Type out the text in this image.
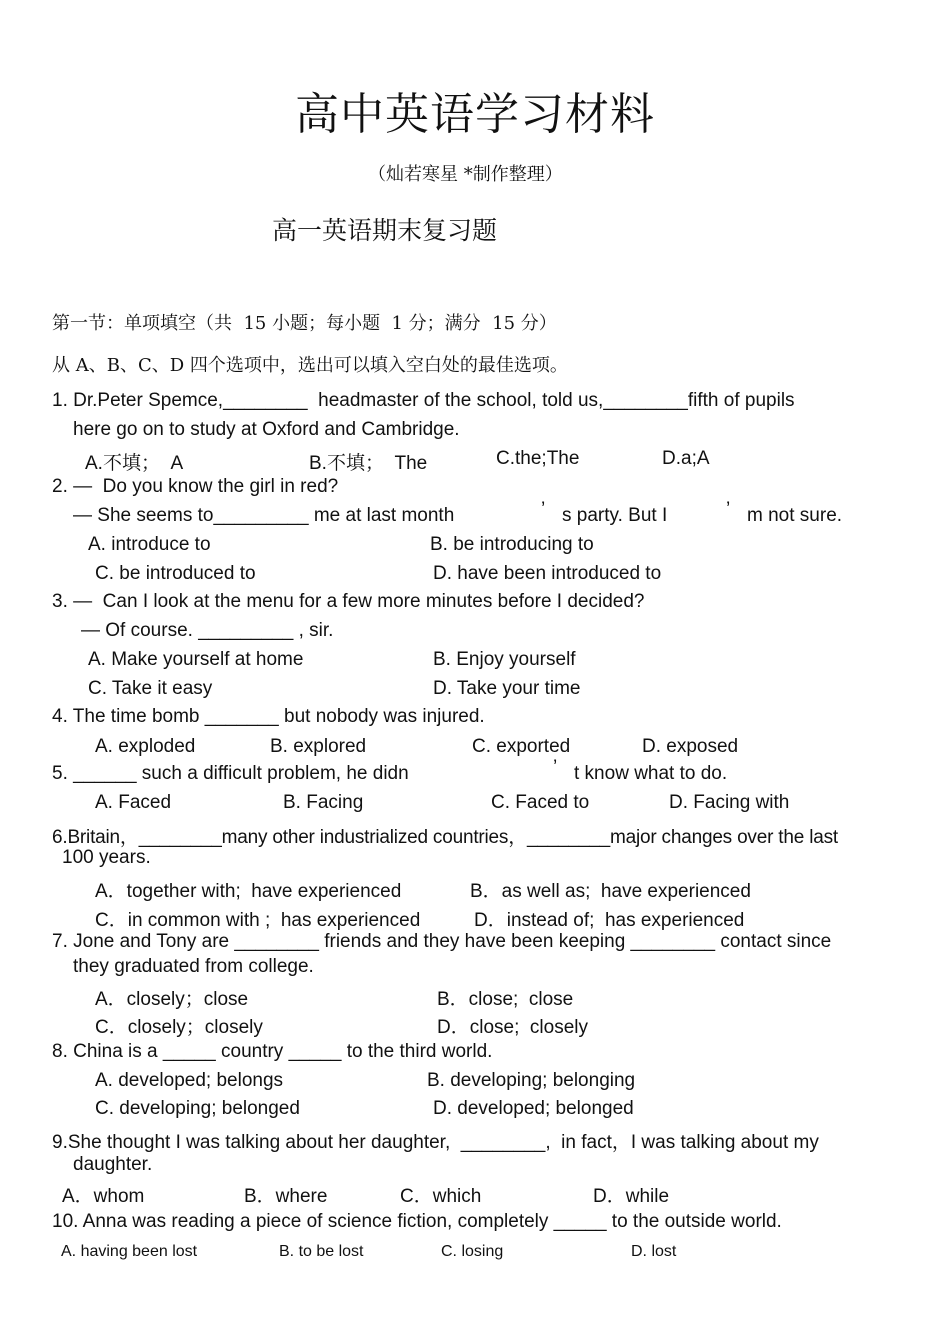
高中英语学习材料
（灿若寒星 *制作整理）
高一英语期末复习题
第一节：单项填空（共  15 小题；每小题  1 分；满分  15 分）
从 A、B、C、D 四个选项中，选出可以填入空白处的最佳选项。
1. Dr.Peter Spemce,________  headmaster of the school, told us,________fifth of pupils
here go on to study at Oxford and Cambridge.
A.不填；  A	B.不填；  The	C.the;The	D.a;A
2. —  Do you know the girl in red?
— She seems to_________ me at last month	’ s party. But I	’ m not sure.
A. introduce to	B. be introducing to
C. be introduced to	D. have been introduced to
3. —  Can I look at the menu for a few more minutes before I decided?
— Of course. _________ , sir.
A. Make yourself at home	B. Enjoy yourself
C. Take it easy	D. Take your time
4. The time bomb _______ but nobody was injured.
A. exploded	B. explored	C. exported	D. exposed
5. ______ such a difficult problem, he didn	’ t know what to do.
A. Faced	B. Facing	C. Faced to	D. Facing with
6.Britain，________many other industrialized countries，________major changes over the last
100 years.
A．together with;  have experienced	B．as well as;  have experienced
C．in common with ;  has experienced	D．instead of;  has experienced
7. Jone and Tony are ________ friends and they have been keeping ________ contact since
they graduated from college.
A．closely；close	B．close;  close
C．closely；closely	D．close;  closely
8. China is a _____ country _____ to the third world.
A. developed; belongs	B. developing; belonging
C. developing; belonged	D. developed; belonged
9.She thought I was talking about her daughter,  ________,  in fact，I was talking about my
daughter.
A．whom	B．where	C．which	D．while
10. Anna was reading a piece of science fiction, completely _____ to the outside world.
A. having been lost	B. to be lost	C. losing	D. lost
